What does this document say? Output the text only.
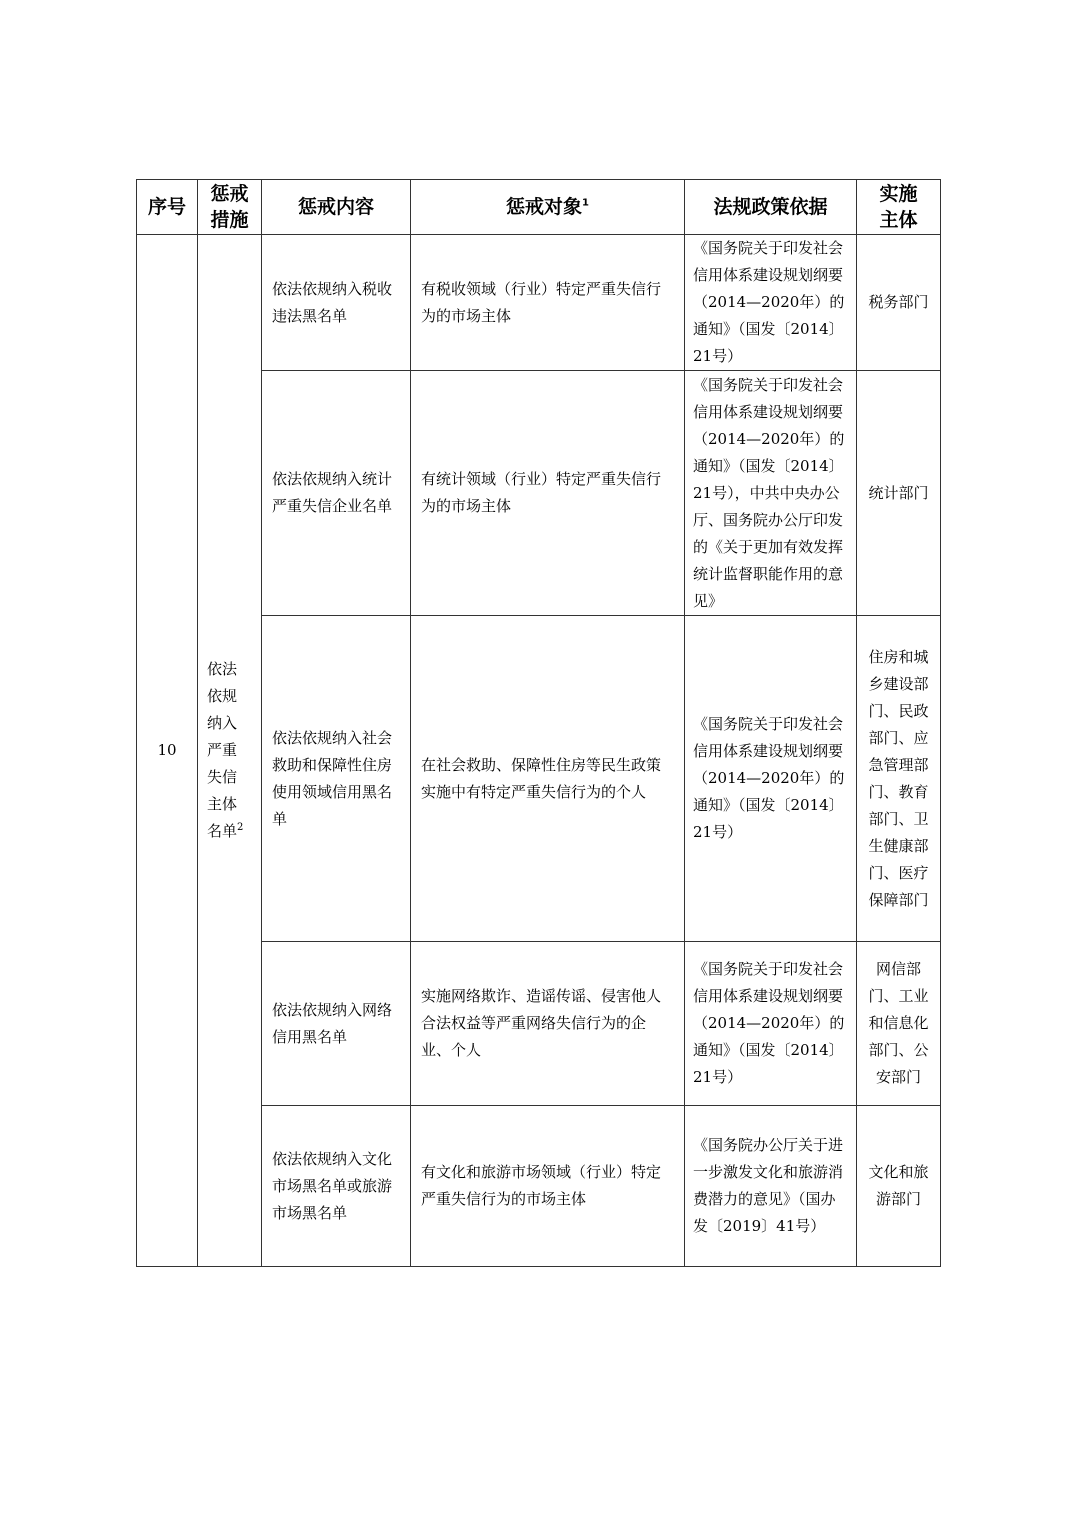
序号	惩戒措施	惩戒内容	惩戒对象$^1$	法规政策依据	实施主体

10	依法依规纳入严重失信主体名单$^2$	依法依规纳入税收违法黑名单	有税收领域（行业）特定严重失信行为的市场主体	《国务院关于印发社会信用体系建设规划纲要（2014—2020年）的通知》（国发〔2014〕21号）	税务部门

		依法依规纳入统计严重失信企业名单	有统计领域（行业）特定严重失信行为的市场主体	《国务院关于印发社会信用体系建设规划纲要（2014—2020年）的通知》（国发〔2014〕21号），中共中央办公厅、国务院办公厅印发的《关于更加有效发挥统计监督职能作用的意见》	统计部门

		依法依规纳入社会救助和保障性住房使用领域信用黑名单	在社会救助、保障性住房等民生政策实施中有特定严重失信行为的个人	《国务院关于印发社会信用体系建设规划纲要（2014—2020年）的通知》（国发〔2014〕21号）	住房和城乡建设部门、民政部门、应急管理部门、教育部门、卫生健康部门、医疗保障部门

		依法依规纳入网络信用黑名单	实施网络欺诈、造谣传谣、侵害他人合法权益等严重网络失信行为的企业、个人	《国务院关于印发社会信用体系建设规划纲要（2014—2020年）的通知》（国发〔2014〕21号）	网信部门、工业和信息化部门、公安部门

		依法依规纳入文化市场黑名单或旅游市场黑名单	有文化和旅游市场领域（行业）特定严重失信行为的市场主体	《国务院办公厅关于进一步激发文化和旅游消费潜力的意见》（国办发〔2019〕41号）	文化和旅游部门
